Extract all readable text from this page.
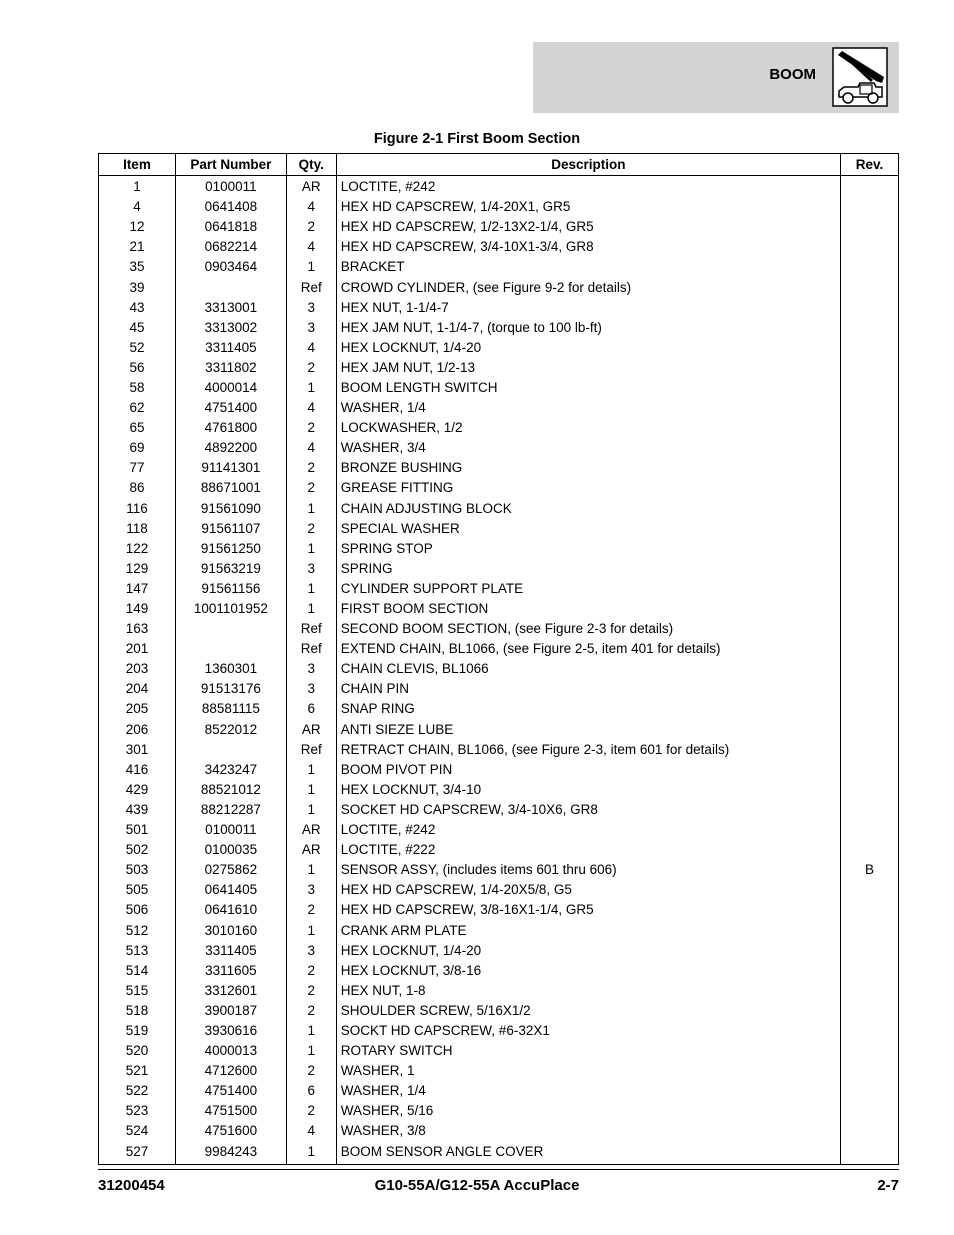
BOOM
Figure 2-1 First Boom Section
Item	Part Number	Qty.	Description	Rev.
1	0100011	AR	LOCTITE, #242	
4	0641408	4	HEX HD CAPSCREW, 1/4-20X1, GR5	
12	0641818	2	HEX HD CAPSCREW, 1/2-13X2-1/4, GR5	
21	0682214	4	HEX HD CAPSCREW, 3/4-10X1-3/4, GR8	
35	0903464	1	BRACKET	
39		Ref	CROWD CYLINDER, (see Figure 9-2 for details)	
43	3313001	3	HEX NUT, 1-1/4-7	
45	3313002	3	HEX JAM NUT, 1-1/4-7, (torque to 100 lb-ft)	
52	3311405	4	HEX LOCKNUT, 1/4-20	
56	3311802	2	HEX JAM NUT, 1/2-13	
58	4000014	1	BOOM LENGTH SWITCH	
62	4751400	4	WASHER, 1/4	
65	4761800	2	LOCKWASHER, 1/2	
69	4892200	4	WASHER, 3/4	
77	91141301	2	BRONZE BUSHING	
86	88671001	2	GREASE FITTING	
116	91561090	1	CHAIN ADJUSTING BLOCK	
118	91561107	2	SPECIAL WASHER	
122	91561250	1	SPRING STOP	
129	91563219	3	SPRING	
147	91561156	1	CYLINDER SUPPORT PLATE	
149	1001101952	1	FIRST BOOM SECTION	
163		Ref	SECOND BOOM SECTION, (see Figure 2-3 for details)	
201		Ref	EXTEND CHAIN, BL1066, (see Figure 2-5, item 401 for details)	
203	1360301	3	CHAIN CLEVIS, BL1066	
204	91513176	3	CHAIN PIN	
205	88581115	6	SNAP RING	
206	8522012	AR	ANTI SIEZE LUBE	
301		Ref	RETRACT CHAIN, BL1066, (see Figure 2-3, item 601 for details)	
416	3423247	1	BOOM PIVOT PIN	
429	88521012	1	HEX LOCKNUT, 3/4-10	
439	88212287	1	SOCKET HD CAPSCREW, 3/4-10X6, GR8	
501	0100011	AR	LOCTITE, #242	
502	0100035	AR	LOCTITE, #222	
503	0275862	1	SENSOR ASSY, (includes items 601 thru 606)	B
505	0641405	3	HEX HD CAPSCREW, 1/4-20X5/8, G5	
506	0641610	2	HEX HD CAPSCREW, 3/8-16X1-1/4, GR5	
512	3010160	1	CRANK ARM PLATE	
513	3311405	3	HEX LOCKNUT, 1/4-20	
514	3311605	2	HEX LOCKNUT, 3/8-16	
515	3312601	2	HEX NUT, 1-8	
518	3900187	2	SHOULDER SCREW, 5/16X1/2	
519	3930616	1	SOCKT HD CAPSCREW, #6-32X1	
520	4000013	1	ROTARY SWITCH	
521	4712600	2	WASHER, 1	
522	4751400	6	WASHER, 1/4	
523	4751500	2	WASHER, 5/16	
524	4751600	4	WASHER, 3/8	
527	9984243	1	BOOM SENSOR ANGLE COVER	
31200454	G10-55A/G12-55A AccuPlace	2-7
